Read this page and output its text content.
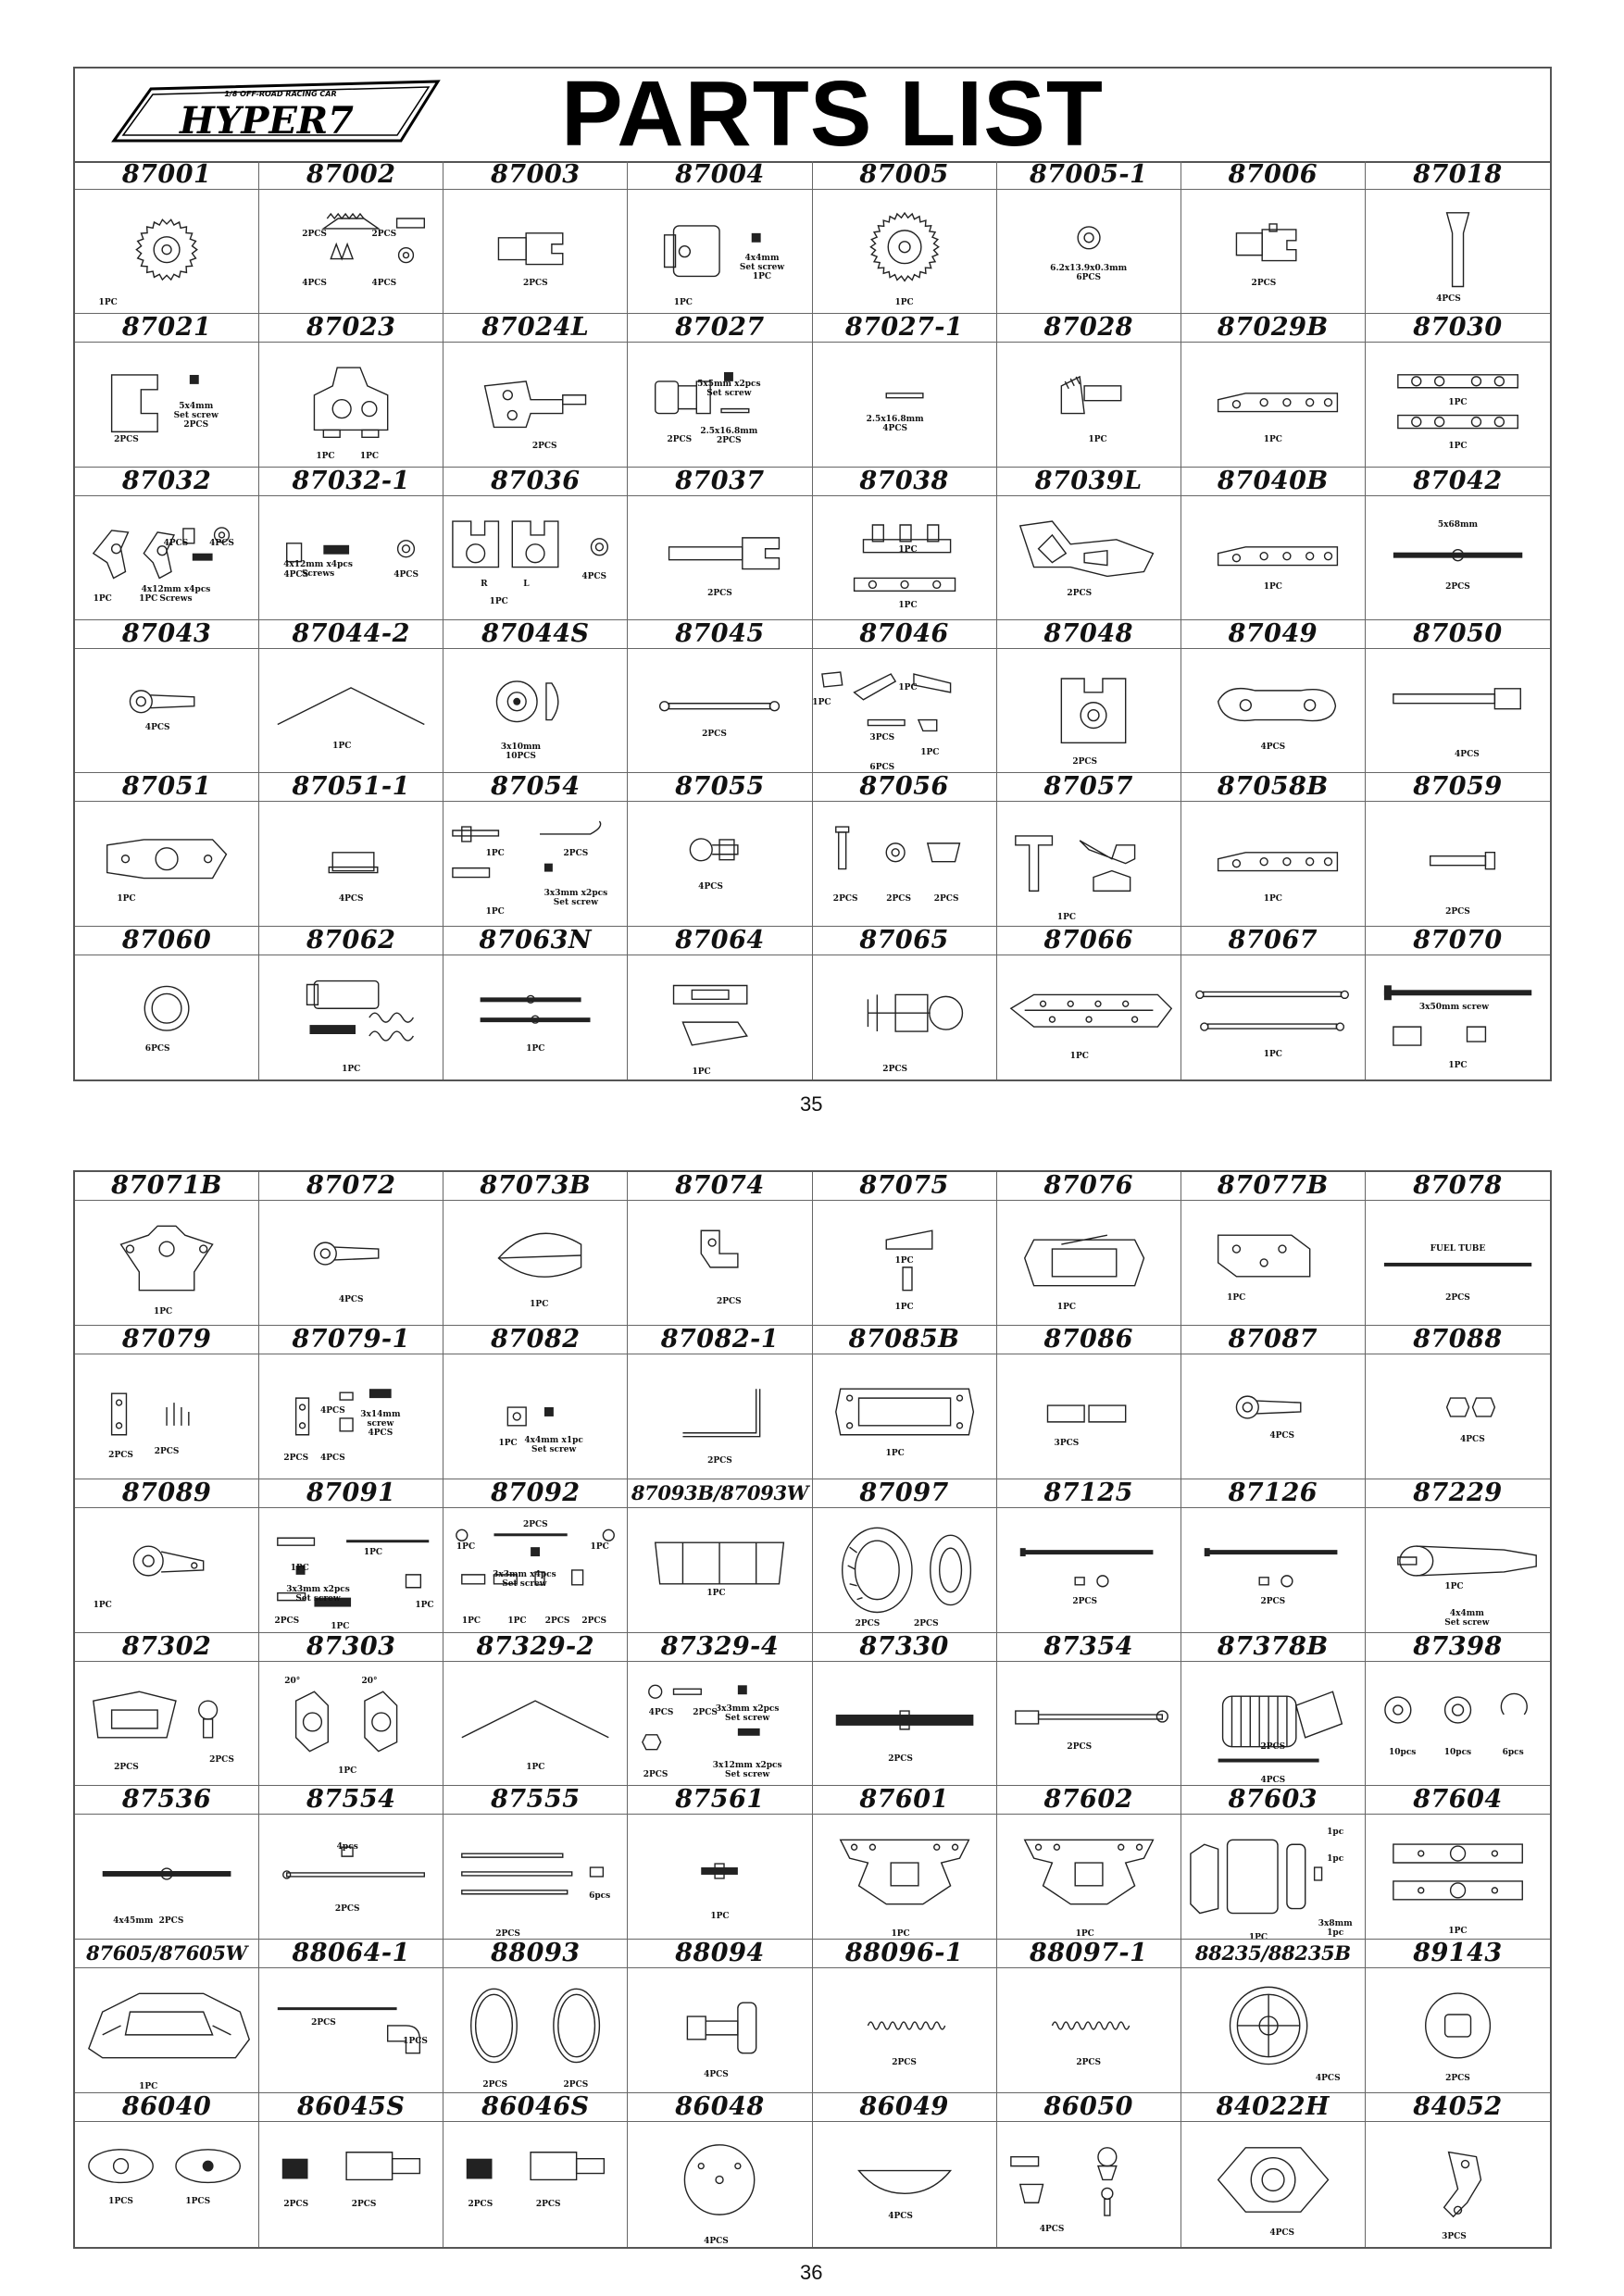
HYPER7
1/8 OFF-ROAD RACING CAR PARTS LIST
87001
1PC
87002
2PCS	2PCS
4PCS	4PCS
87003
2PCS
87004
4x4mm
Set screw
1PC
1PC
87005
1PC
87005-1
6.2x13.9x0.3mm
6PCS
87006
2PCS
87018
4PCS
87021
5x4mm
Set screw
2PCS
2PCS
87023
1PC	1PC
87024L
2PCS
87027
5x5mm x2pcs
Set screw
2.5x16.8mm
2PCS
2PCS
87027-1
2.5x16.8mm
4PCS
87028
1PC
87029B
1PC
87030
1PC
1PC
87032
4PCS	4PCS
4x12mm x4pcs
Screws
1PC	1PC
87032-1
4x12mm x4pcs
Screws
4PCS	4PCS
87036
R	L
1PC
4PCS
87037
2PCS
87038
1PC
1PC
87039L
2PCS
87040B
1PC
87042
5x68mm
2PCS
87043
4PCS
87044-2
1PC
87044S
3x10mm
10PCS
87045
2PCS
87046
1PC
1PC
3PCS
1PC
6PCS
87048
2PCS
87049
4PCS
87050
4PCS
87051
1PC
87051-1
4PCS
87054
1PC	2PCS
1PC
3x3mm x2pcs
Set screw
87055
4PCS
87056
2PCS	2PCS	2PCS
87057
1PC
87058B
1PC
87059
2PCS
87060
6PCS
87062
1PC
87063N
1PC
87064
1PC
87065
2PCS
87066
1PC
87067
1PC
87070
3x50mm screw
1PC
35
87071B
1PC
87072
4PCS
87073B
1PC
87074
2PCS
87075
1PC
1PC
87076
1PC
87077B
1PC
87078
FUEL TUBE
2PCS
87079
2PCS	2PCS
87079-1
4PCS 3x14mm
screw
4PCS
2PCS 4PCS
87082
1PC 4x4mm x1pc
Set screw
87082-1
2PCS
87085B
1PC
87086
3PCS
87087
4PCS
87088
4PCS
87089
1PC
87091
1PC
1PC
3x3mm x2pcs
Set screw
2PCS
1PC
1PC
87092
2PCS
1PC	1PC
3x3mm x4pcs
Set screw
1PC	1PC 2PCS 2PCS
87093B/87093W
1PC
87097
2PCS	2PCS
87125
2PCS
87126
2PCS
87229
1PC
4x4mm
Set screw
87302
2PCS
2PCS
87303
20°	20°
1PC
87329-2
1PC
87329-4
4PCS 2PCS
3x3mm x2pcs
Set screw
3x12mm x2pcs
Set screw
2PCS
87330
2PCS
87354
2PCS
87378B
2PCS
4PCS
87398
10pcs	10pcs	6pcs
87536
4x45mm  2PCS
87554
4pcs
2PCS
87555
2PCS
6pcs
87561
1PC
87601
1PC
87602
1PC
87603
1pc
1pc
1PC
3x8mm
1pc
87604
1PC
87605/87605W
1PC
88064-1
2PCS
1PCS
88093
2PCS	2PCS
88094
4PCS
88096-1
2PCS
88097-1
2PCS
88235/88235B
4PCS
89143
2PCS
86040
1PCS	1PCS
86045S
2PCS	2PCS
86046S
2PCS	2PCS
86048
4PCS
86049
4PCS
86050
4PCS
84022H
4PCS
84052
3PCS
36
